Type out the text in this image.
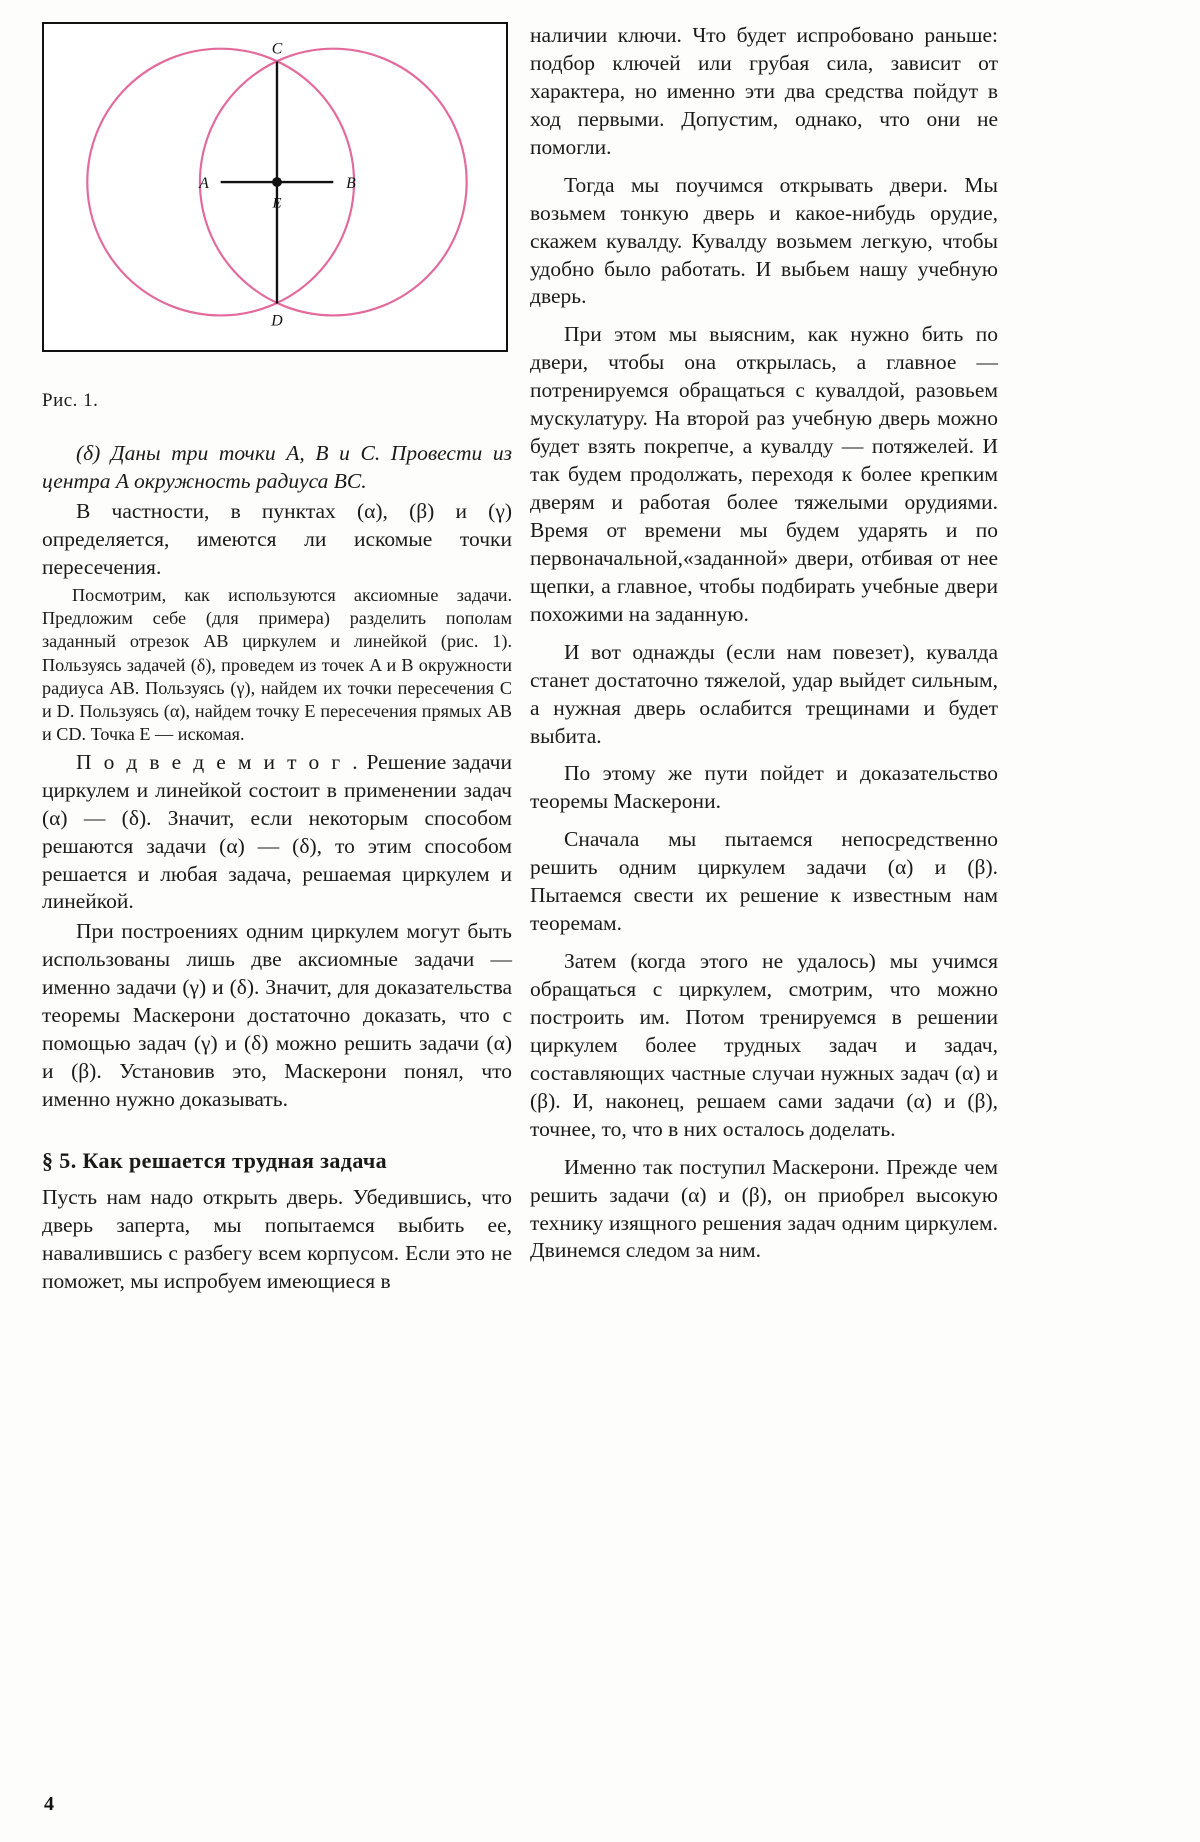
A	B
C
D
E
Рис. 1.

(δ) Даны три точки A, B и C. Провести из центра A окружность радиуса BC.

В частности, в пунктах (α), (β) и (γ) определяется, имеются ли искомые точки пересечения.

Посмотрим, как используются аксиомные задачи. Предложим себе (для примера) разделить пополам заданный отрезок AB циркулем и линейкой (рис. 1). Пользуясь задачей (δ), проведем из точек A и B окружности радиуса AB. Пользуясь (γ), найдем их точки пересечения C и D. Пользуясь (α), найдем точку E пересечения прямых AB и CD. Точка E — искомая.

П о д в е д е м и т о г . Решение задачи циркулем и линейкой состоит в применении задач (α) — (δ). Значит, если некоторым способом решаются задачи (α) — (δ), то этим способом решается и любая задача, решаемая циркулем и линейкой.

При построениях одним циркулем могут быть использованы лишь две аксиомные задачи — именно задачи (γ) и (δ). Значит, для доказательства теоремы Маскерони достаточно доказать, что с помощью задач (γ) и (δ) можно решить задачи (α) и (β). Установив это, Маскерони понял, что именно нужно доказывать.

§ 5. Как решается трудная задача

Пусть нам надо открыть дверь. Убедившись, что дверь заперта, мы попытаемся выбить ее, навалившись с разбегу всем корпусом. Если это не поможет, мы испробуем имеющиеся в

наличии ключи. Что будет испробовано раньше: подбор ключей или грубая сила, зависит от характера, но именно эти два средства пойдут в ход первыми. Допустим, однако, что они не помогли.

Тогда мы поучимся открывать двери. Мы возьмем тонкую дверь и какое-нибудь орудие, скажем кувалду. Кувалду возьмем легкую, чтобы удобно было работать. И выбьем нашу учебную дверь.

При этом мы выясним, как нужно бить по двери, чтобы она открылась, а главное — потренируемся обращаться с кувалдой, разовьем мускулатуру. На второй раз учебную дверь можно будет взять покрепче, а кувалду — потяжелей. И так будем продолжать, переходя к более крепким дверям и работая более тяжелыми орудиями. Время от времени мы будем ударять и по первоначальной,«заданной» двери, отбивая от нее щепки, а главное, чтобы подбирать учебные двери похожими на заданную.

И вот однажды (если нам повезет), кувалда станет достаточно тяжелой, удар выйдет сильным, а нужная дверь ослабится трещинами и будет выбита.

По этому же пути пойдет и доказательство теоремы Маскерони.

Сначала мы пытаемся непосредственно решить одним циркулем задачи (α) и (β). Пытаемся свести их решение к известным нам теоремам.

Затем (когда этого не удалось) мы учимся обращаться с циркулем, смотрим, что можно построить им. Потом тренируемся в решении циркулем более трудных задач и задач, составляющих частные случаи нужных задач (α) и (β). И, наконец, решаем сами задачи (α) и (β), точнее, то, что в них осталось доделать.

Именно так поступил Маскерони. Прежде чем решить задачи (α) и (β), он приобрел высокую технику изящного решения задач одним циркулем. Двинемся следом за ним.

4
